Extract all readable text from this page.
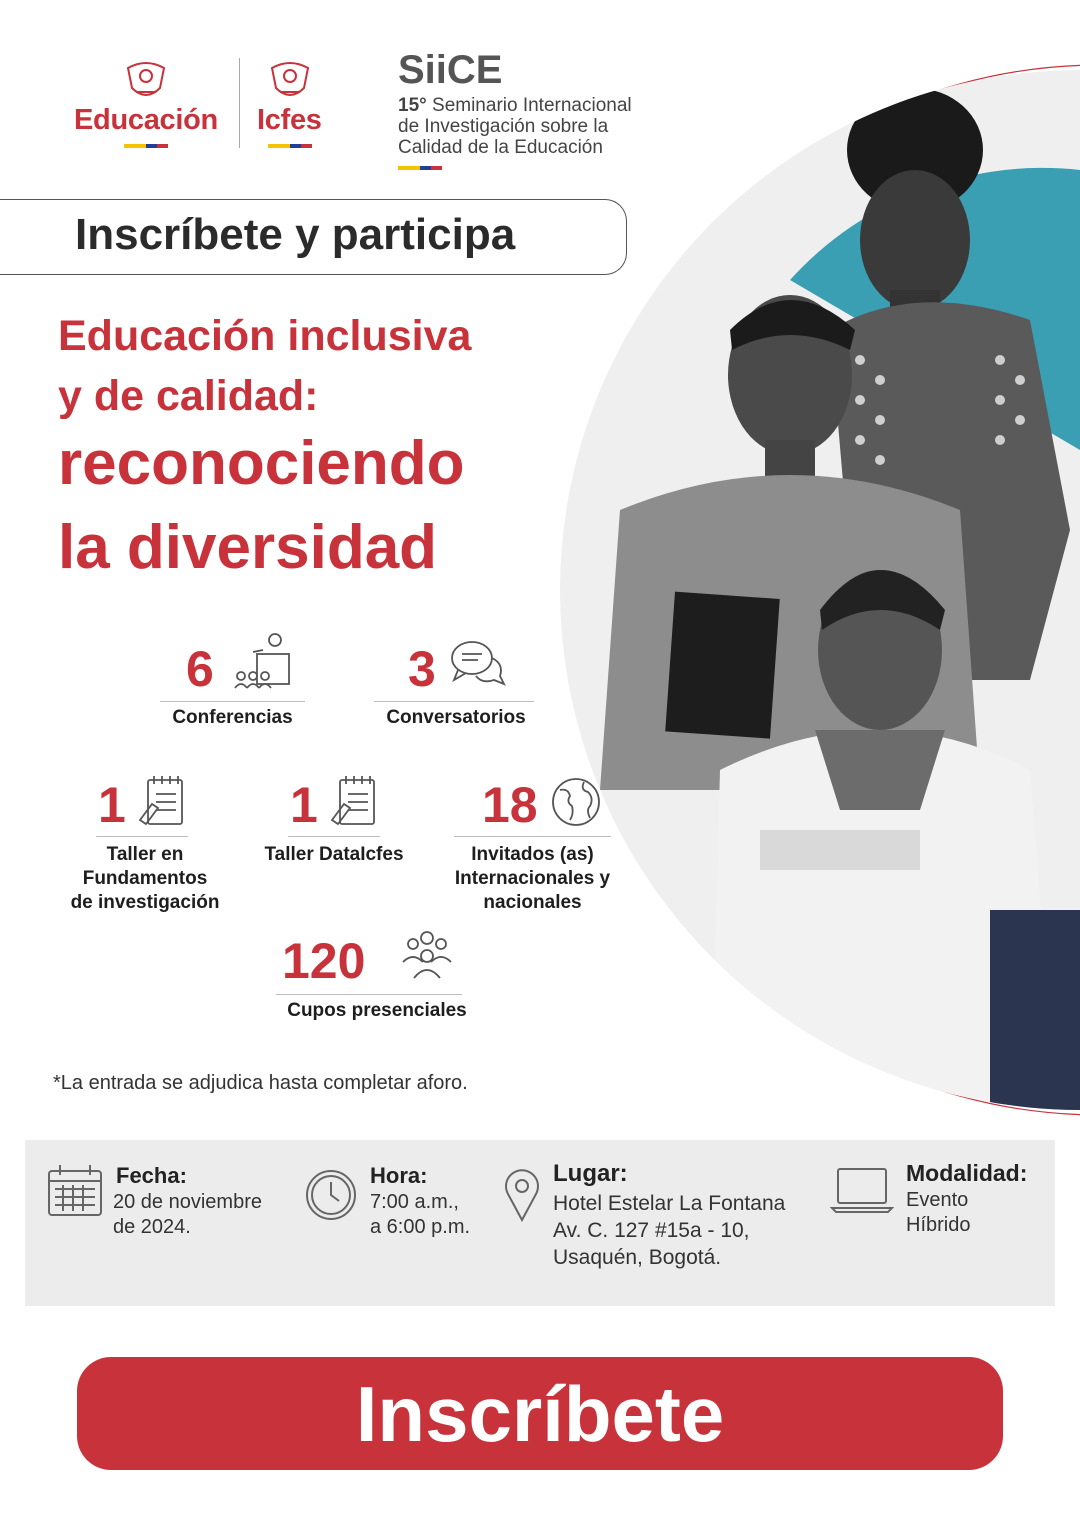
Educación Icfes
SiiCE
15° Seminario Internacional
de Investigación sobre la
Calidad de la Educación
Inscríbete y participa
Educación inclusiva
y de calidad:
reconociendo
la diversidad
6
Conferencias
3
Conversatorios
1
Taller en
Fundamentos
de investigación
1
Taller DataIcfes
18
Invitados (as)
Internacionales y
nacionales
120
Cupos presenciales
*La entrada se adjudica hasta completar aforo.
Fecha:
20 de noviembre
de 2024.
Hora:
7:00 a.m.,
a 6:00 p.m.
Lugar:
Hotel Estelar La Fontana
Av. C. 127 #15a - 10,
Usaquén, Bogotá.
Modalidad:
Evento
Híbrido
Inscríbete
